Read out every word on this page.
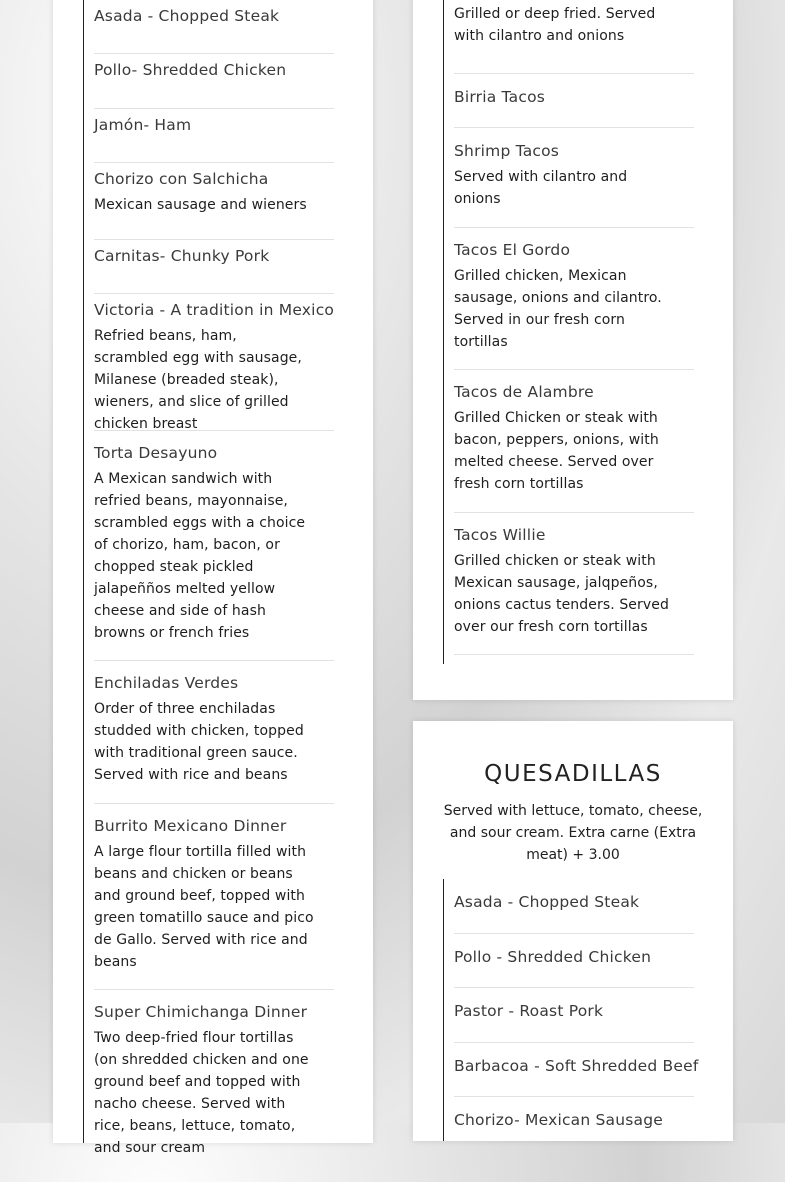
Asada - Chopped Steak
Pollo- Shredded Chicken
Jamón- Ham
Chorizo con Salchicha
Mexican sausage and wieners
Carnitas- Chunky Pork
Victoria - A tradition in Mexico
Refried beans, ham, scrambled egg with sausage, Milanese (breaded steak), wieners, and slice of grilled chicken breast
Torta Desayuno
A Mexican sandwich with refried beans, mayonnaise, scrambled eggs with a choice of chorizo, ham, bacon, or chopped steak pickled jalapeñños melted yellow cheese and side of hash browns or french fries
Enchiladas Verdes
Order of three enchiladas studded with chicken, topped with traditional green sauce. Served with rice and beans
Burrito Mexicano Dinner
A large flour tortilla filled with beans and chicken or beans and ground beef, topped with green tomatillo sauce and pico de Gallo. Served with rice and beans
Super Chimichanga Dinner
Two deep-fried flour tortillas (on shredded chicken and one ground beef and topped with nacho cheese. Served with rice, beans, lettuce, tomato, and sour cream
Grilled or deep fried. Served with cilantro and onions
Birria Tacos
Shrimp Tacos
Served with cilantro and onions
Tacos El Gordo
Grilled chicken, Mexican sausage, onions and cilantro. Served in our fresh corn tortillas
Tacos de Alambre
Grilled Chicken or steak with bacon, peppers, onions, with melted cheese. Served over fresh corn tortillas
Tacos Willie
Grilled chicken or steak with Mexican sausage, jalqpeños, onions cactus tenders. Served over our fresh corn tortillas
QUESADILLAS
Served with lettuce, tomato, cheese, and sour cream. Extra carne (Extra meat) + 3.00
Asada - Chopped Steak
Pollo - Shredded Chicken
Pastor - Roast Pork
Barbacoa - Soft Shredded Beef
Chorizo- Mexican Sausage
